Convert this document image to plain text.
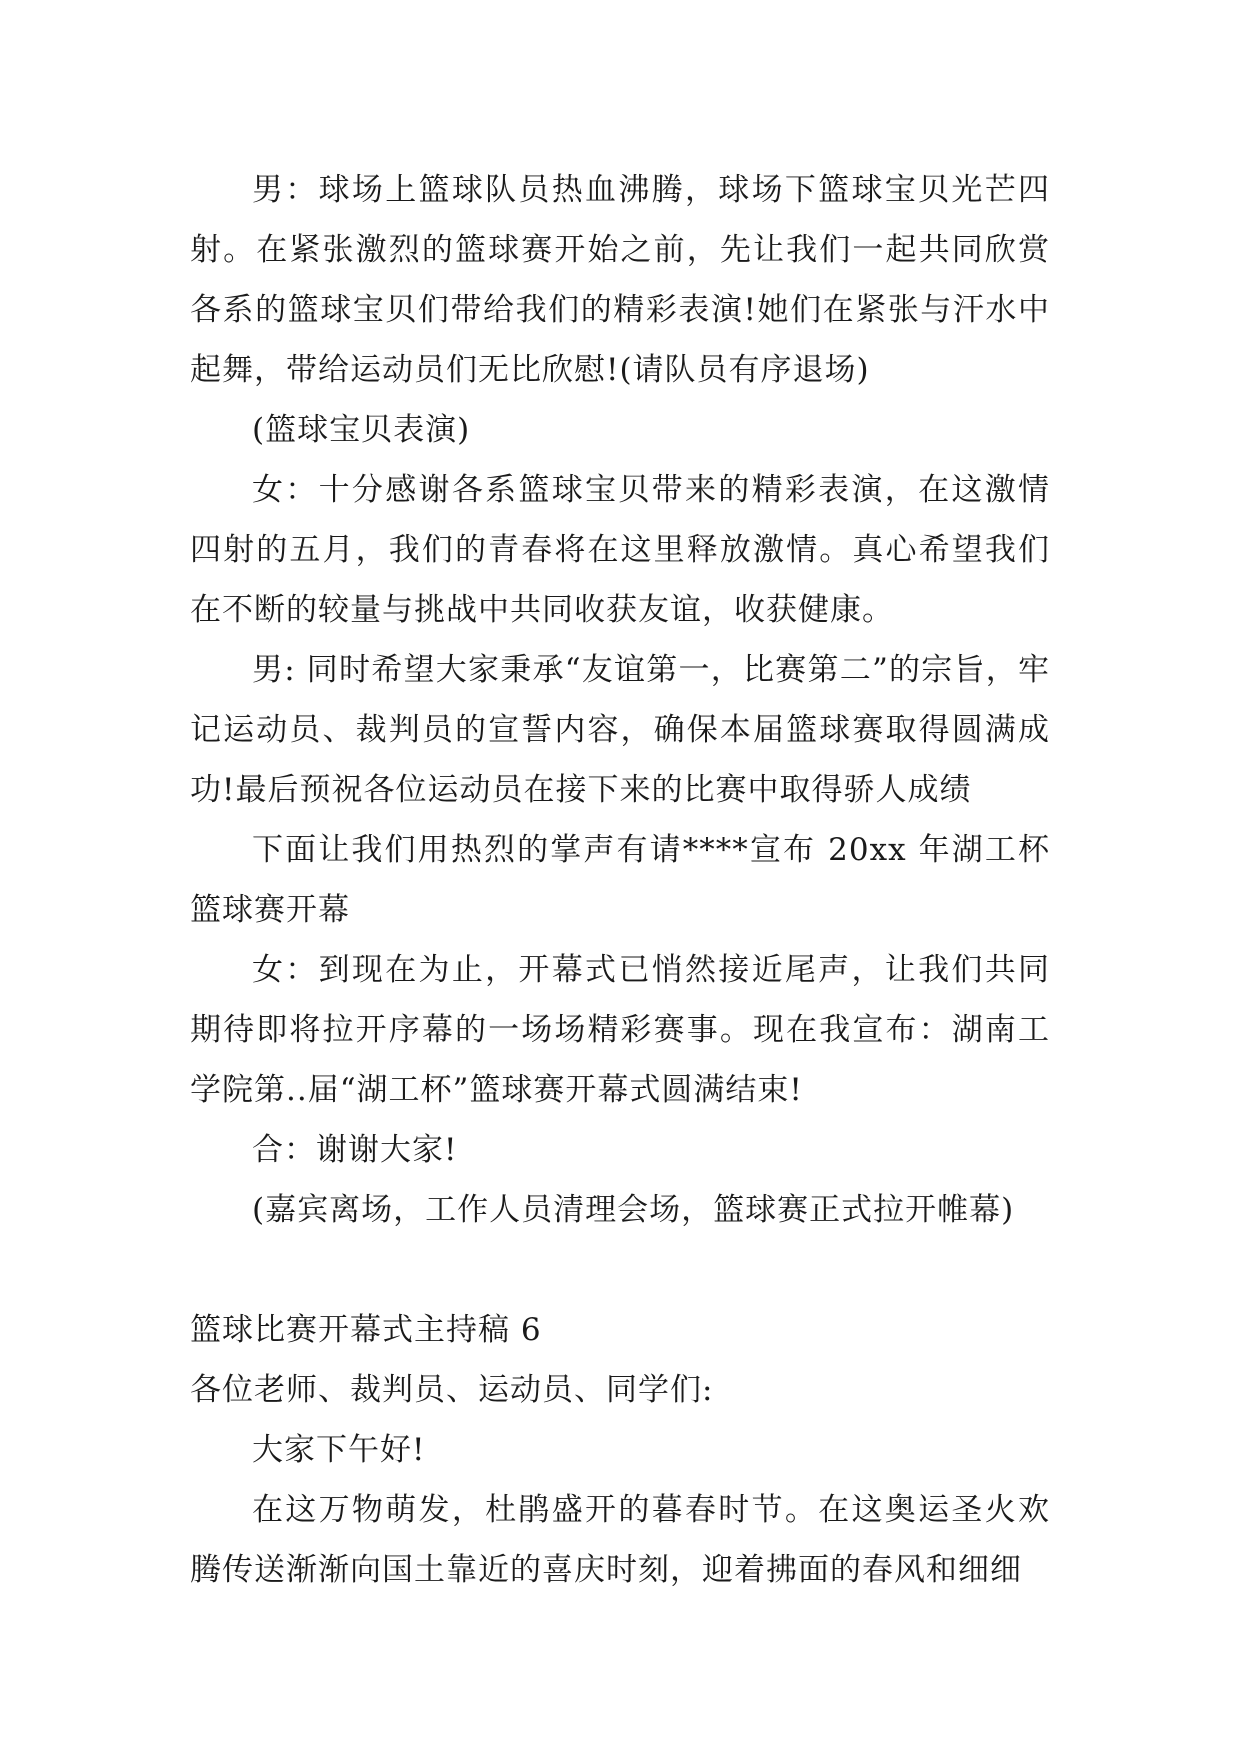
男：球场上篮球队员热血沸腾，球场下篮球宝贝光芒四射。在紧张激烈的篮球赛开始之前，先让我们一起共同欣赏各系的篮球宝贝们带给我们的精彩表演!她们在紧张与汗水中起舞，带给运动员们无比欣慰!(请队员有序退场)

(篮球宝贝表演)

女：十分感谢各系篮球宝贝带来的精彩表演，在这激情四射的五月，我们的青春将在这里释放激情。真心希望我们在不断的较量与挑战中共同收获友谊，收获健康。

男: 同时希望大家秉承“友谊第一，比赛第二”的宗旨，牢记运动员、裁判员的宣誓内容，确保本届篮球赛取得圆满成功!最后预祝各位运动员在接下来的比赛中取得骄人成绩

下面让我们用热烈的掌声有请****宣布 20xx 年湖工杯篮球赛开幕

女：到现在为止，开幕式已悄然接近尾声，让我们共同期待即将拉开序幕的一场场精彩赛事。现在我宣布：湖南工学院第..届“湖工杯”篮球赛开幕式圆满结束!

合：谢谢大家!

(嘉宾离场，工作人员清理会场，篮球赛正式拉开帷幕)

篮球比赛开幕式主持稿 6

各位老师、裁判员、运动员、同学们:

大家下午好!

在这万物萌发，杜鹃盛开的暮春时节。在这奥运圣火欢腾传送渐渐向国土靠近的喜庆时刻，迎着拂面的春风和细细
